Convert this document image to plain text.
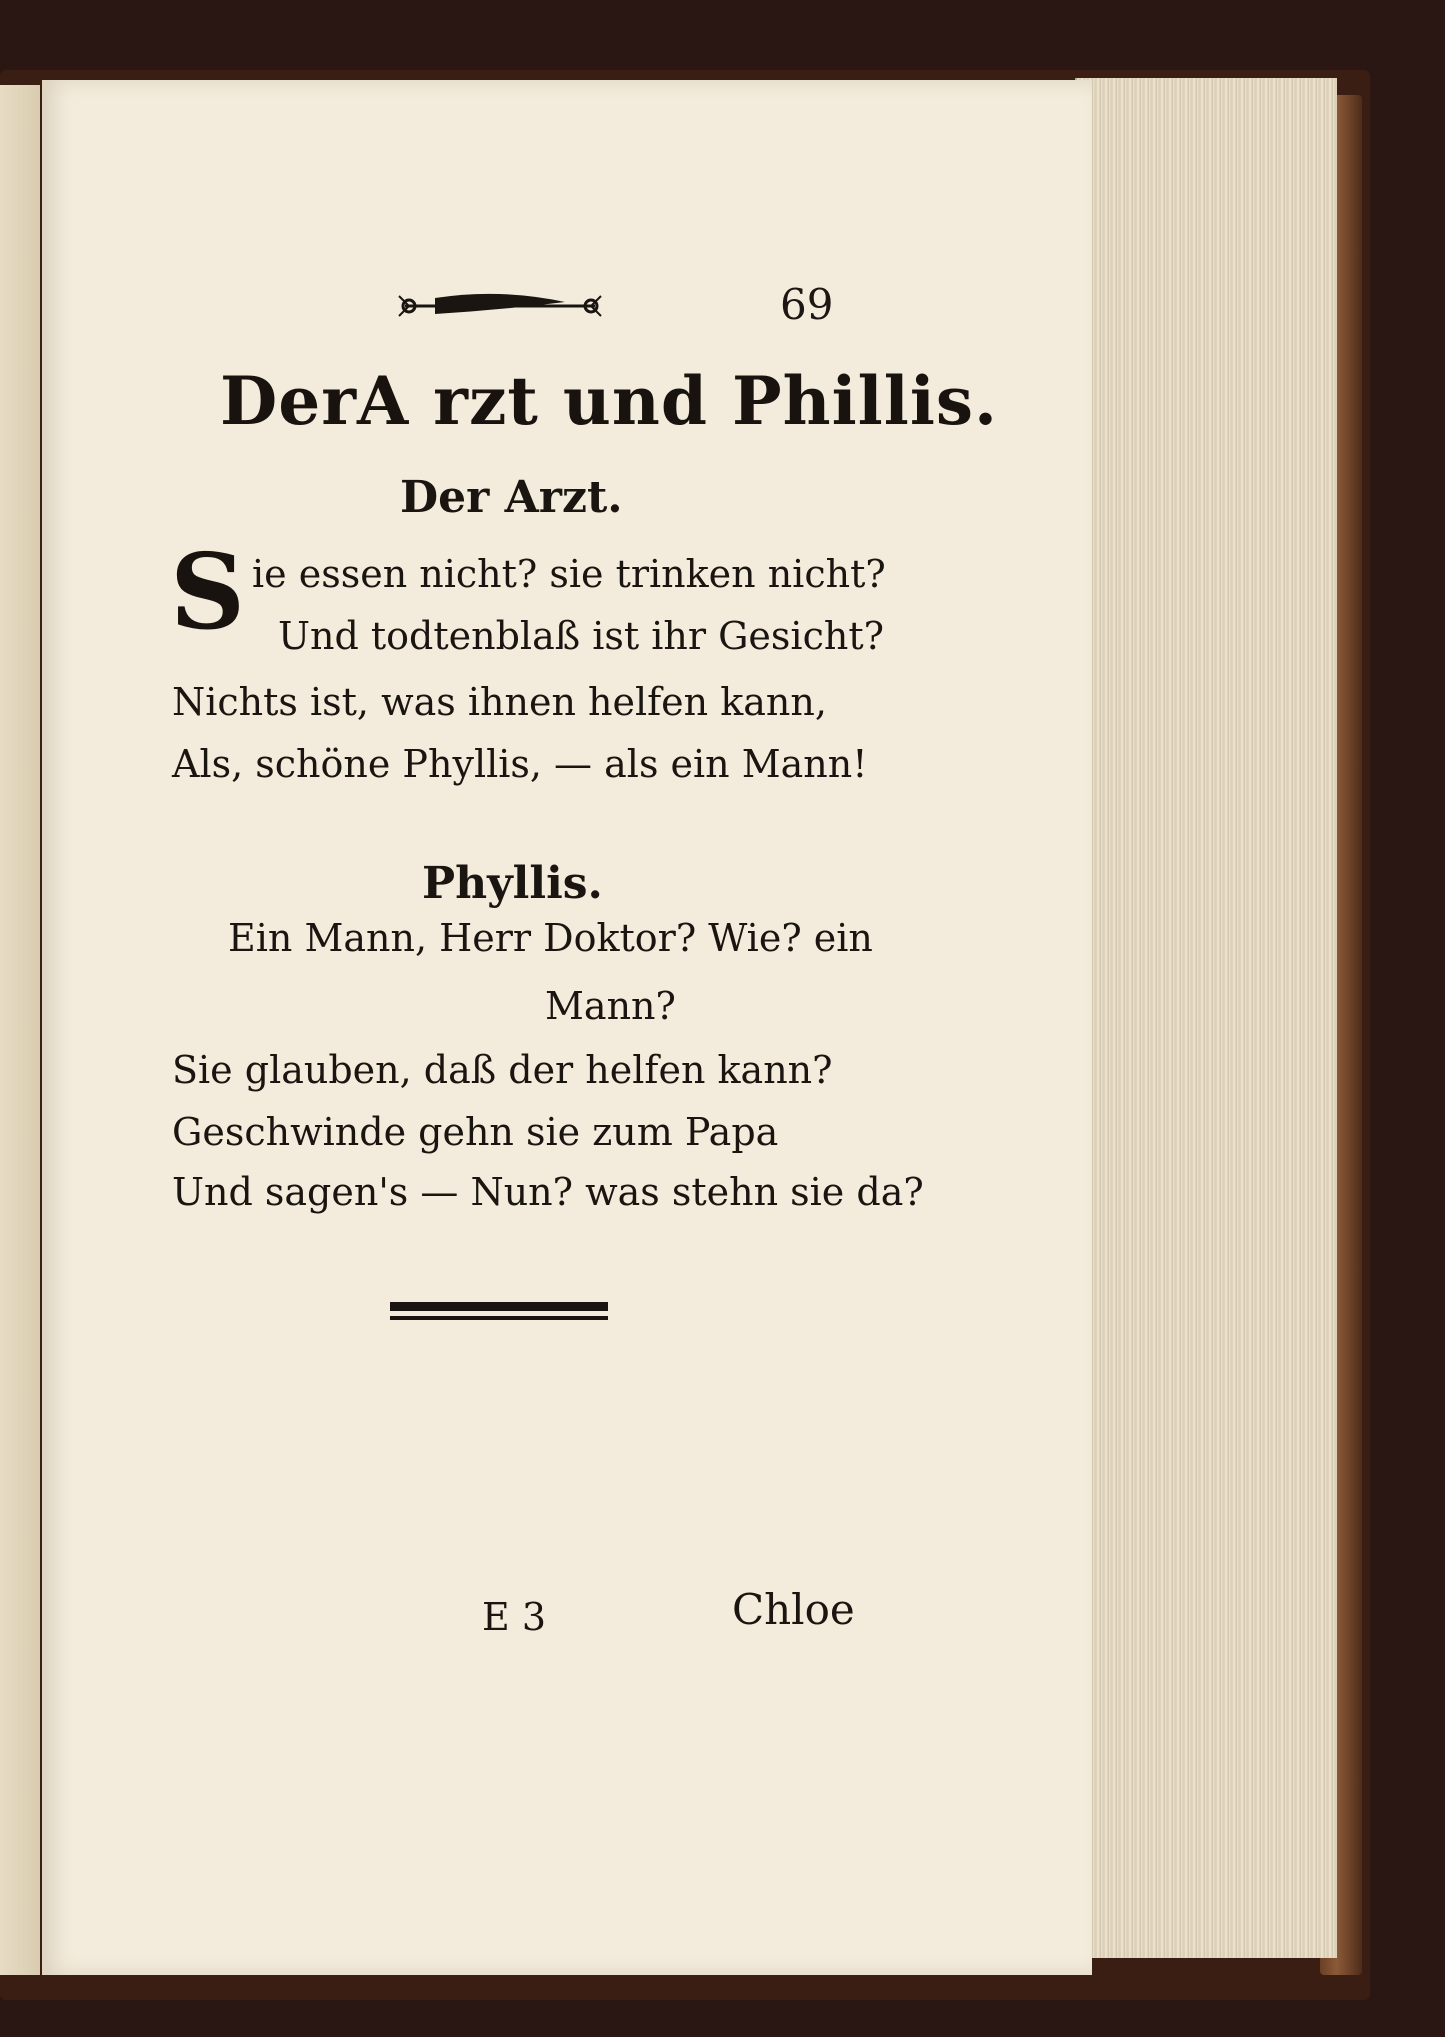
69
DerA rzt und Phillis.
Der Arzt.
S ie essen nicht? sie trinken nicht?
Und todtenblaß ist ihr Gesicht?
Nichts ist, was ihnen helfen kann,
Als, schöne Phyllis, — als ein Mann!
Phyllis.
Ein Mann, Herr Doktor? Wie? ein
Mann?
Sie glauben, daß der helfen kann?
Geschwinde gehn sie zum Papa
Und sagen's — Nun? was stehn sie da?
E 3	Chloe
